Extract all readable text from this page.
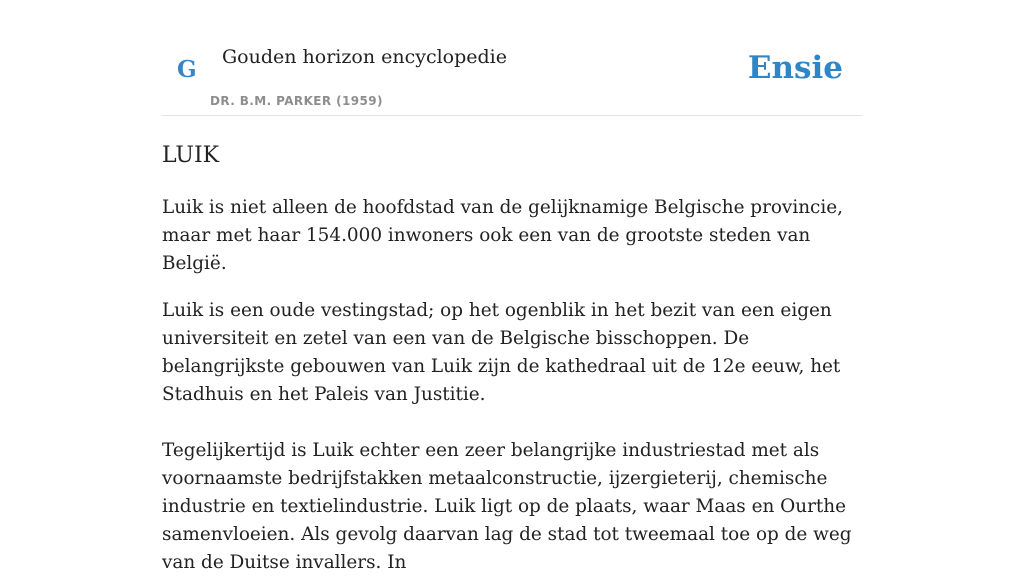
G Gouden horizon encyclopedie
DR. B.M. PARKER (1959)
Ensie
LUIK

Luik is niet alleen de hoofdstad van de gelijknamige Belgische provincie, maar met haar 154.000 inwoners ook een van de grootste steden van België.

Luik is een oude vestingstad; op het ogenblik in het bezit van een eigen universiteit en zetel van een van de Belgische bisschoppen. De belangrijkste gebouwen van Luik zijn de kathedraal uit de 12e eeuw, het Stadhuis en het Paleis van Justitie.

Tegelijkertijd is Luik echter een zeer belangrijke industriestad met als voornaamste bedrijfstakken metaalconstructie, ijzergieterij, chemische industrie en textielindustrie. Luik ligt op de plaats, waar Maas en Ourthe samenvloeien. Als gevolg daarvan lag de stad tot tweemaal toe op de weg van de Duitse invallers. In
